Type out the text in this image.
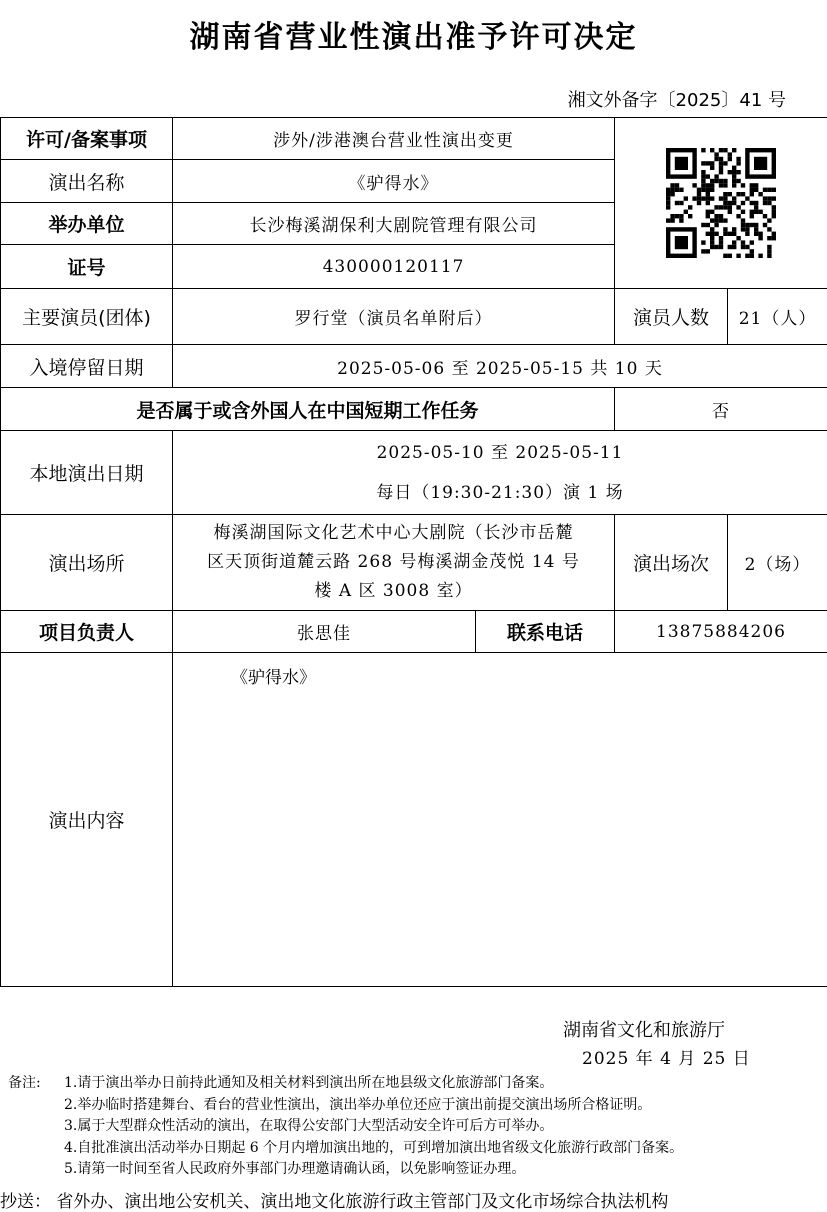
湖南省营业性演出准予许可决定
湘文外备字〔2025〕41 号
许可/备案事项	涉外/涉港澳台营业性演出变更	

演出名称	《驴得水》			
举办单位	长沙梅溪湖保利大剧院管理有限公司			
证号	430000120117			
主要演员(团体)	罗行堂（演员名单附后）		演员人数	21（人）
入境停留日期	2025-05-06 至 2025-05-15 共 10 天			
是否属于或含外国人在中国短期工作任务			否	
本地演出日期	2025-05-10 至 2025-05-11
每日（19:30-21:30）演 1 场			

演出场所	梅溪湖国际文化艺术中心大剧院（长沙市岳麓
区天顶街道麓云路 268 号梅溪湖金茂悦 14 号
楼 A 区 3008 室）		演出场次	2（场）
项目负责人	张思佳	联系电话	13875884206	
演出内容	《驴得水》			
湖南省文化和旅游厅
2025 年 4 月 25 日
备注:	1.请于演出举办日前持此通知及相关材料到演出所在地县级文化旅游部门备案。
2.举办临时搭建舞台、看台的营业性演出，演出举办单位还应于演出前提交演出场所合格证明。
3.属于大型群众性活动的演出，在取得公安部门大型活动安全许可后方可举办。
4.自批准演出活动举办日期起 6 个月内增加演出地的，可到增加演出地省级文化旅游行政部门备案。
5.请第一时间至省人民政府外事部门办理邀请确认函，以免影响签证办理。
抄送： 省外办、演出地公安机关、演出地文化旅游行政主管部门及文化市场综合执法机构
